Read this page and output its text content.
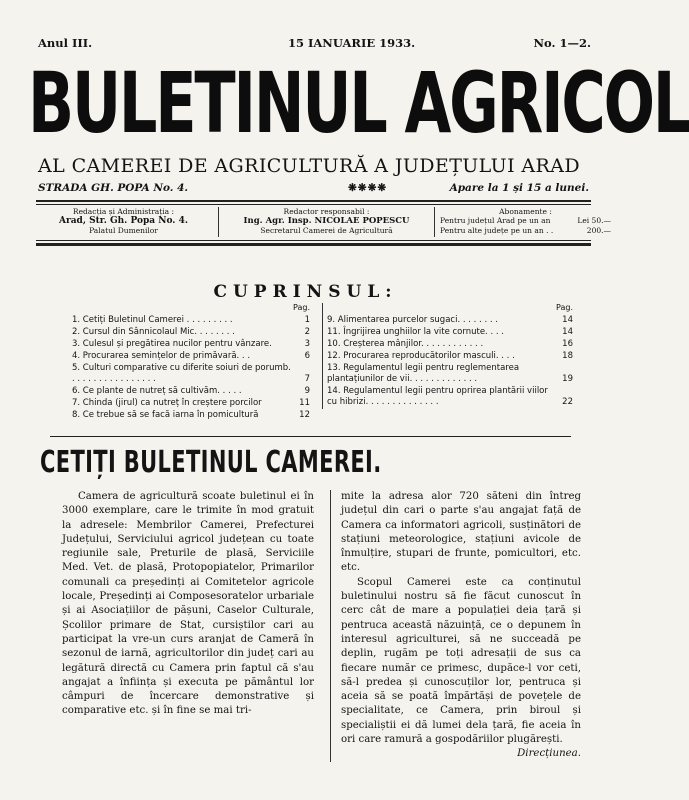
Anul III.	15 IANUARIE 1933.	No. 1—2.
BULETINUL AGRICOL
AL CAMEREI DE AGRICULTURĂ A JUDEȚULUI ARAD
STRADA GH. POPA No. 4.	❋❋❋❋	Apare la 1 și 15 a lunei.
Redacția și Administrația :
Arad, Str. Gh. Popa No. 4.
Palatul Dumenilor
Redactor responsabil :
Ing. Agr. Insp. NICOLAE POPESCU
Secretarul Camerei de Agricultură
Abonamente :
Pentru județul Arad pe un an	Lei 50.—
Pentru alte județe pe un an . .	200.—
CUPRINSUL:
Pag.
1. Cetiți Buletinul Camerei . . . . . . . . .	1
2. Cursul din Sânnicolaul Mic. . . . . . . .	2
3. Culesul și pregătirea nucilor pentru vânzare.	3
4. Procurarea semințelor de primăvară. . .	6
5. Culturi comparative cu diferite soiuri de porumb. . . . . . . . . . . . . . . . .	7
6. Ce plante de nutreț să cultivăm. . . . .	9
7. Chinda (jirul) ca nutreț în creștere porcilor	11
8. Ce trebue să se facă iarna în pomicultură	12
Pag.
9. Alimentarea purcelor sugaci. . . . . . . .	14
11. Îngrijirea unghiilor la vite cornute. . . .	14
10. Creșterea mânjilor. . . . . . . . . . . .	16
12. Procurarea reproducătorilor masculi. . . .	18
13. Regulamentul legii pentru reglementarea plantațiunilor de vii. . . . . . . . . . . . .	19
14. Regulamentul legii pentru oprirea plantării viilor cu hibrizi. . . . . . . . . . . . . .	22
CETIȚI BULETINUL CAMEREI.

Camera de agricultură scoate buletinul ei în 3000 exemplare, care le trimite în mod gratuit la adresele: Membrilor Camerei, Prefecturei Județului, Serviciului agricol județean cu toate regiunile sale, Preturile de plasă, Serviciile Med. Vet. de plasă, Protopopiatelor, Primarilor comunali ca președinți ai Comitetelor agricole locale, Președinți ai Composesoratelor urbariale și ai Asociațiilor de pășuni, Caselor Culturale, Școlilor primare de Stat, cursiștilor cari au participat la vre-un curs aranjat de Cameră în sezonul de iarnă, agricultorilor din județ cari au legătură directă cu Camera prin faptul că s'au angajat a înființa și executa pe pământul lor câmpuri de încercare demonstrative și comparative etc. și în fine se mai tri-

mite la adresa alor 720 săteni din întreg județul din cari o parte s'au angajat față de Camera ca informatori agricoli, susținători de stațiuni meteorologice, stațiuni avicole de înmulțire, stupari de frunte, pomicultori, etc. etc.

Scopul Camerei este ca conținutul buletinului nostru să fie făcut cunoscut în cerc cât de mare a populației deia țară și pentruca această năzuință, ce o depunem în interesul agriculturei, să ne succeadă pe deplin, rugăm pe toți adresații de sus ca fiecare număr ce primesc, dupăce-l vor ceti, să-l predea și cunoscuților lor, pentruca și aceia să se poată împărtăși de povețele de specialitate, ce Camera, prin biroul și specialiștii ei dă lumei dela țară, fie aceia în ori care ramură a gospodăriilor plugărești.

Direcțiunea.
